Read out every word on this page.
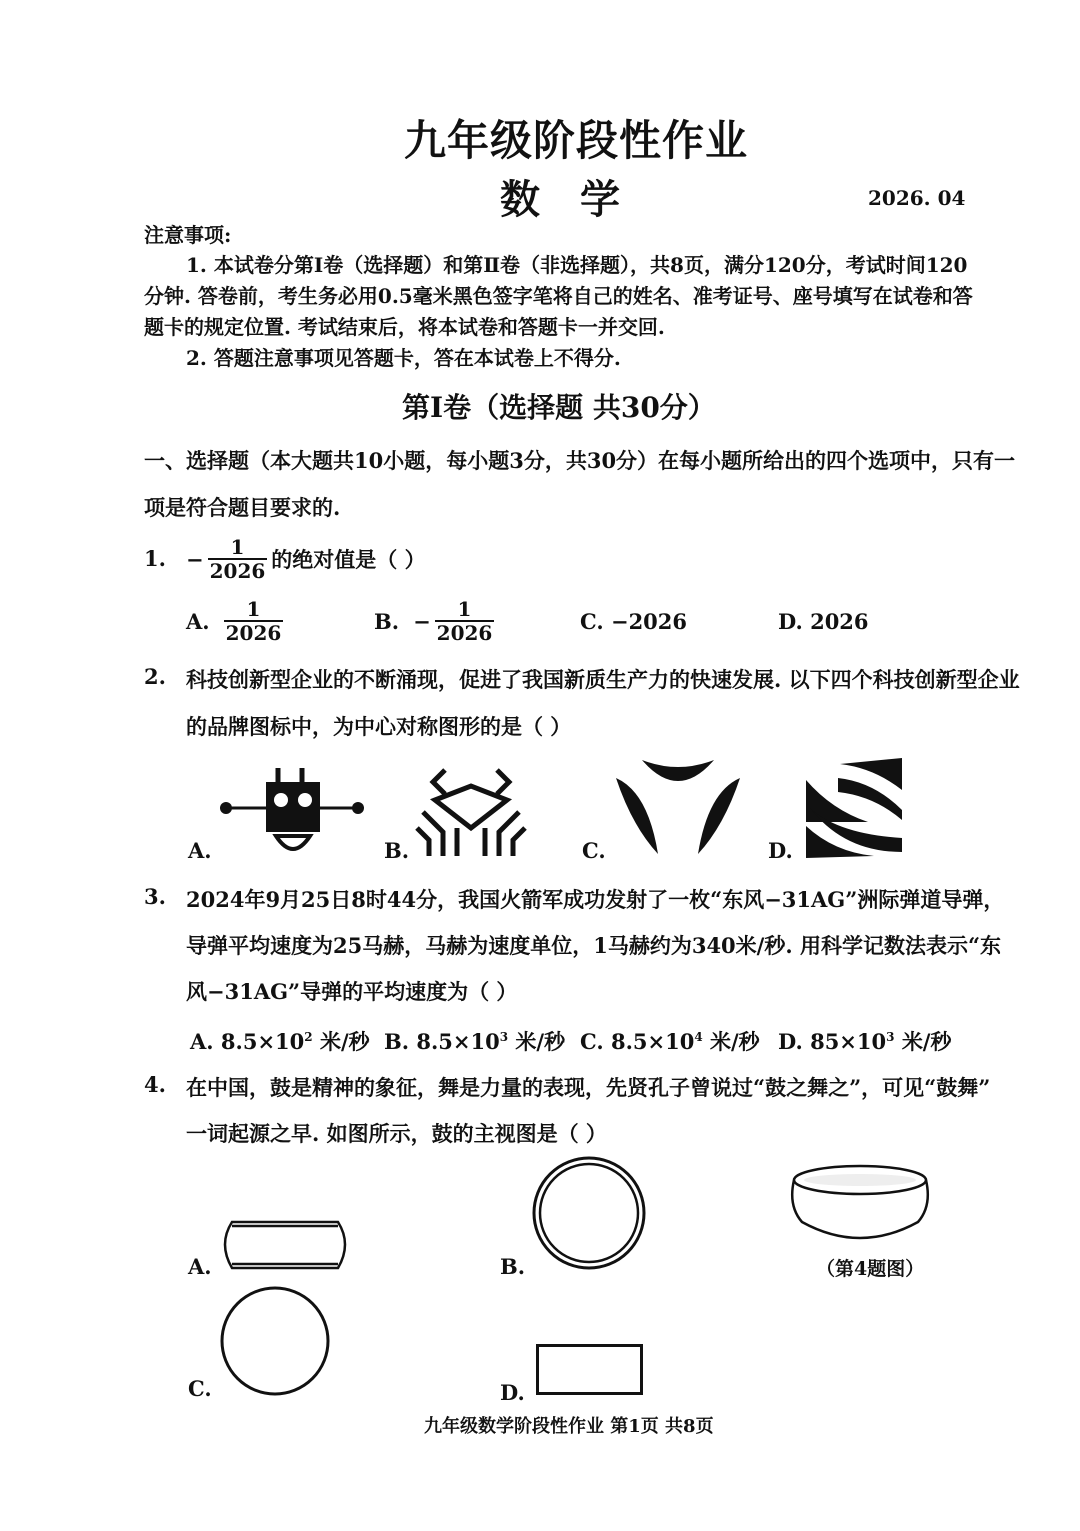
九年级阶段性作业
数学	2026. 04
注意事项:
1. 本试卷分第Ⅰ卷（选择题）和第Ⅱ卷（非选择题），共8页，满分120分，考试时间120
分钟. 答卷前，考生务必用0.5毫米黑色签字笔将自己的姓名、准考证号、座号填写在试卷和答
题卡的规定位置. 考试结束后，将本试卷和答题卡一并交回.
2. 答题注意事项见答题卡，答在本试卷上不得分.
第Ⅰ卷（选择题 共30分）
一、选择题（本大题共10小题，每小题3分，共30分）在每小题所给出的四个选项中，只有一
项是符合题目要求的.
1. − $\frac{1}{2026}$ 的绝对值是（ ）
A. $\frac{1}{2026}$	B. − $\frac{1}{2026}$	C. −2026	D. 2026
2. 科技创新型企业的不断涌现，促进了我国新质生产力的快速发展. 以下四个科技创新型企业
的品牌图标中，为中心对称图形的是（ ）
A.	B.	C.	D.
3. 2024年9月25日8时44分，我国火箭军成功发射了一枚“东风−31AG”洲际弹道导弹，
导弹平均速度为25马赫，马赫为速度单位，1马赫约为340米/秒. 用科学记数法表示“东
风−31AG”导弹的平均速度为（ ）
A. $8.5\times 10^2$ 米/秒 B. $8.5\times 10^3$ 米/秒 C. $8.5\times 10^4$ 米/秒 D. $85\times 10^3$ 米/秒
4. 在中国，鼓是精神的象征，舞是力量的表现，先贤孔子曾说过“鼓之舞之”，可见“鼓舞”
一词起源之早. 如图所示，鼓的主视图是（ ）
A.	B.	（第4题图）
C.	D.
九年级数学阶段性作业 第1页 共8页
